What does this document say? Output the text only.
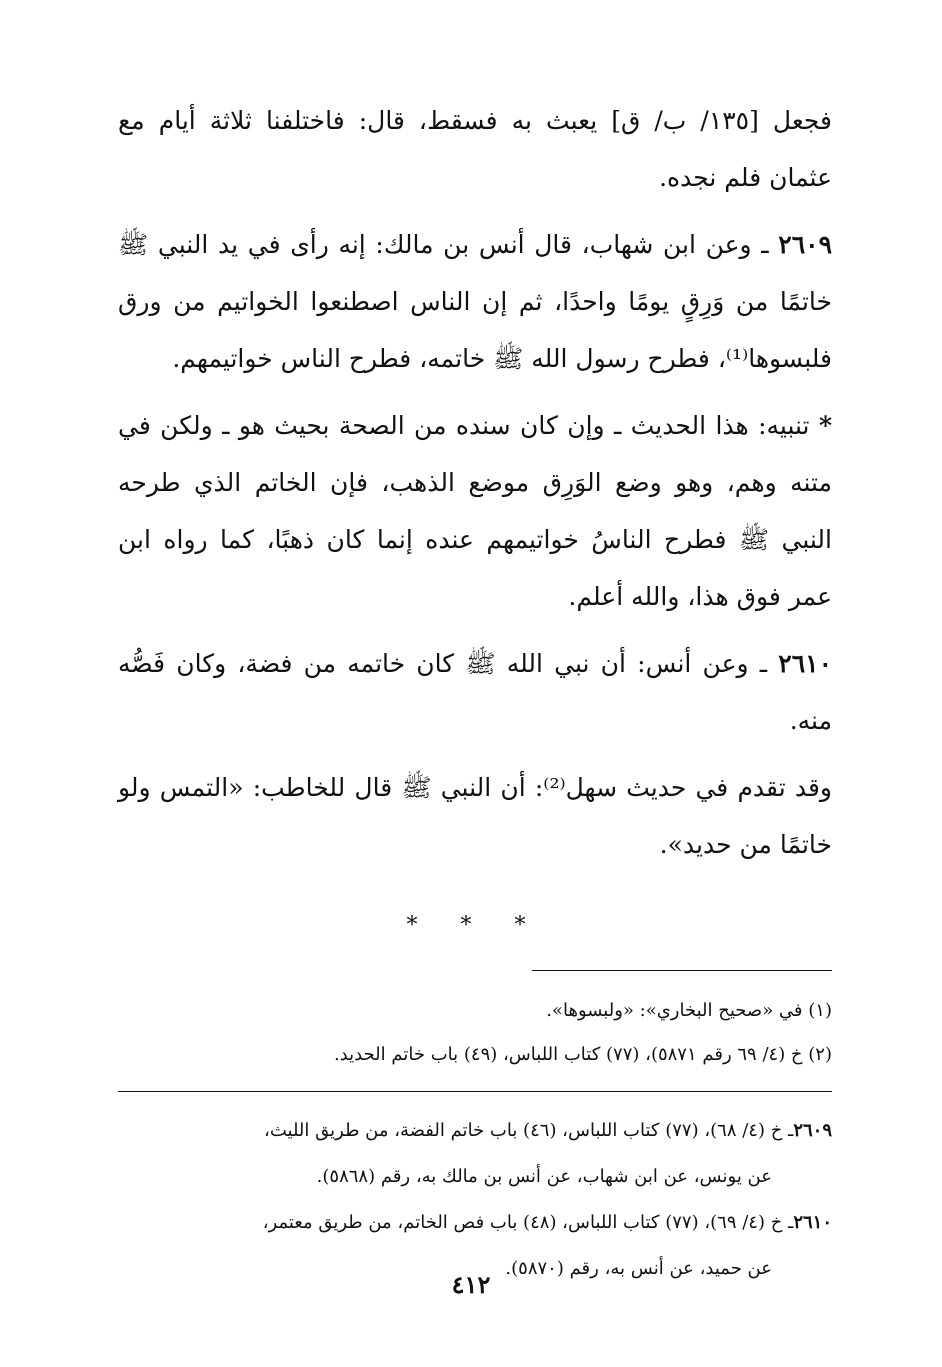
فجعل [١٣٥/ ب/ ق] يعبث به فسقط، قال: فاختلفنا ثلاثة أيام مع عثمان فلم نجده.

٢٦٠٩ ـ وعن ابن شهاب، قال أنس بن مالك: إنه رأى في يد النبي ﷺ خاتمًا من وَرِقٍ يومًا واحدًا، ثم إن الناس اصطنعوا الخواتيم من ورق فلبسوها⁽¹⁾، فطرح رسول الله ﷺ خاتمه، فطرح الناس خواتيمهم.

* تنبيه: هذا الحديث ـ وإن كان سنده من الصحة بحيث هو ـ ولكن في متنه وهم، وهو وضع الوَرِق موضع الذهب، فإن الخاتم الذي طرحه النبي ﷺ فطرح الناسُ خواتيمهم عنده إنما كان ذهبًا، كما رواه ابن عمر فوق هذا، والله أعلم.

٢٦١٠ ـ وعن أنس: أن نبي الله ﷺ كان خاتمه من فضة، وكان فَصُّه منه.

وقد تقدم في حديث سهل⁽²⁾: أن النبي ﷺ قال للخاطب: «التمس ولو خاتمًا من حديد».

* * *

(١) في «صحيح البخاري»: «ولبسوها».

(٢) خ (٤/ ٦٩ رقم ٥٨٧١)، (٧٧) كتاب اللباس، (٤٩) باب خاتم الحديد.

٢٦٠٩ـ خ (٤/ ٦٨)، (٧٧) كتاب اللباس، (٤٦) باب خاتم الفضة، من طريق الليث،
عن يونس، عن ابن شهاب، عن أنس بن مالك به، رقم (٥٨٦٨).

٢٦١٠ـ خ (٤/ ٦٩)، (٧٧) كتاب اللباس، (٤٨) باب فص الخاتم، من طريق معتمر،
عن حميد، عن أنس به، رقم (٥٨٧٠).

٤١٢
